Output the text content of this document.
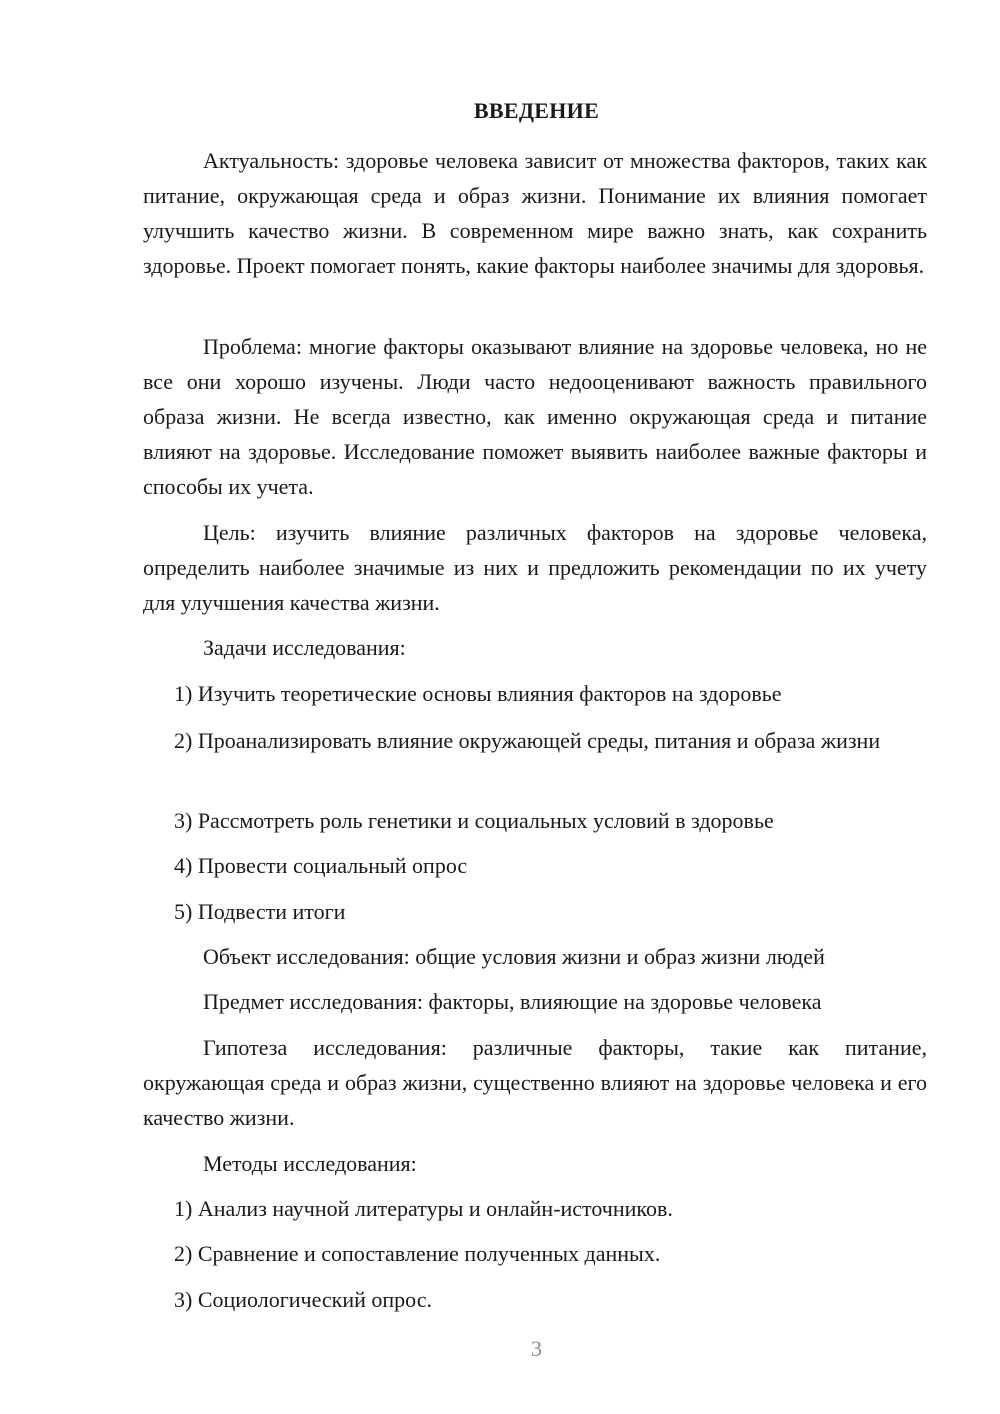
ВВЕДЕНИЕ

Актуальность: здоровье человека зависит от множества факторов, таких как питание, окружающая среда и образ жизни. Понимание их влияния помогает улучшить качество жизни. В современном мире важно знать, как сохранить здоровье. Проект помогает понять, какие факторы наиболее значимы для здоровья.

Проблема: многие факторы оказывают влияние на здоровье человека, но не все они хорошо изучены. Люди часто недооценивают важность правильного образа жизни. Не всегда известно, как именно окружающая среда и питание влияют на здоровье. Исследование поможет выявить наиболее важные факторы и способы их учета.

Цель: изучить влияние различных факторов на здоровье человека, определить наиболее значимые из них и предложить рекомендации по их учету для улучшения качества жизни.

Задачи исследования:

1) Изучить теоретические основы влияния факторов на здоровье

2) Проанализировать влияние окружающей среды, питания и образа жизни

3) Рассмотреть роль генетики и социальных условий в здоровье

4) Провести социальный опрос

5) Подвести итоги

Объект исследования: общие условия жизни и образ жизни людей

Предмет исследования: факторы, влияющие на здоровье человека

Гипотеза исследования: различные факторы, такие как питание, окружающая среда и образ жизни, существенно влияют на здоровье человека и его качество жизни.

Методы исследования:

1) Анализ научной литературы и онлайн-источников.

2) Сравнение и сопоставление полученных данных.

3) Социологический опрос.

3
